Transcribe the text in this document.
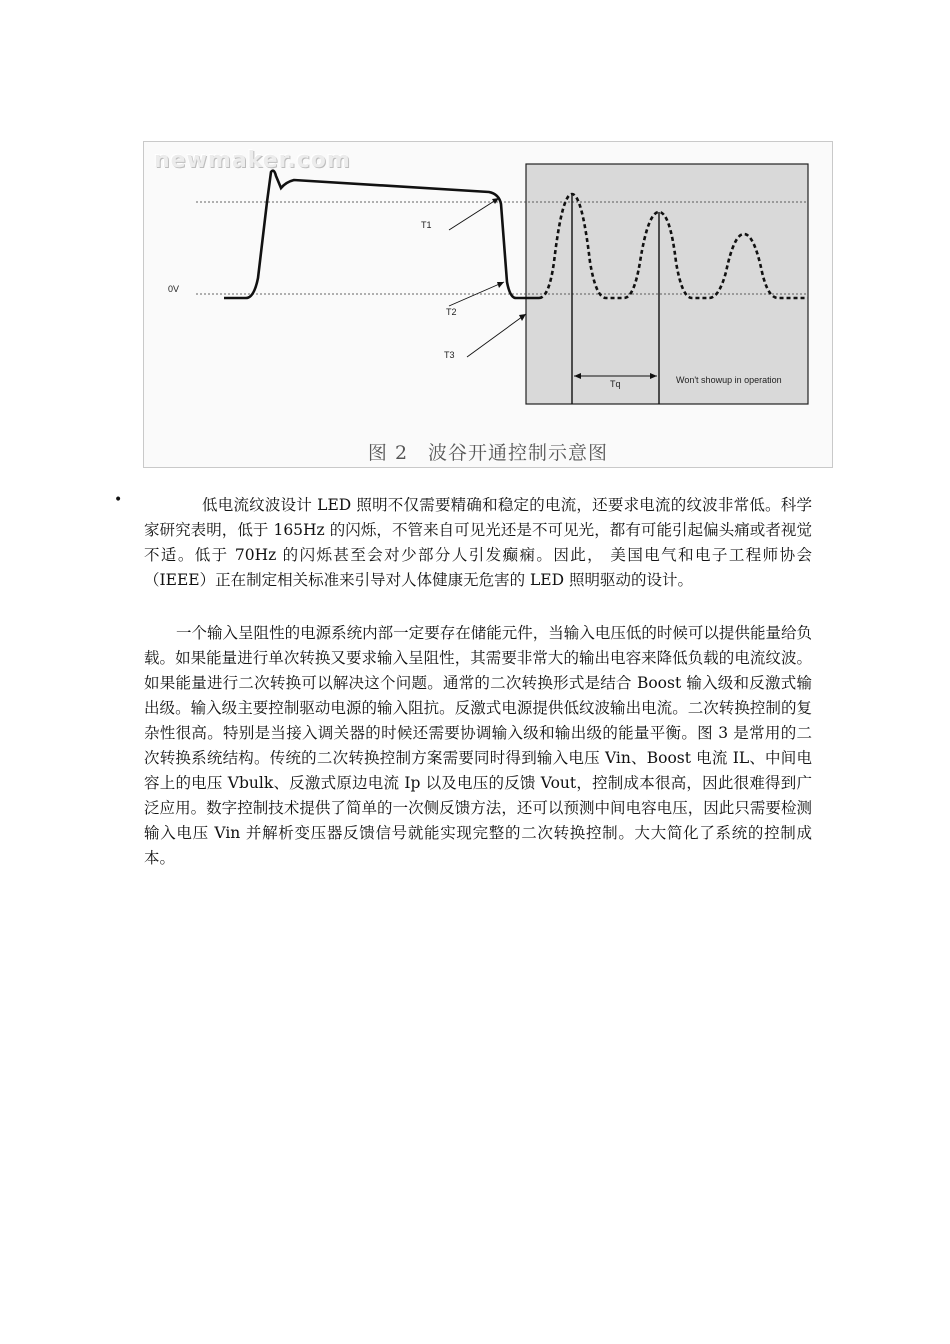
T1
0V
T2
T3
Tq	Won't showup in operation
newmaker.com
图 2　波谷开通控制示意图
•	低电流纹波设计 LED 照明不仅需要精确和稳定的电流，还要求电流的纹波非常低。科学家研究表明，低于 165Hz 的闪烁，不管来自可见光还是不可见光，都有可能引起偏头痛或者视觉不适。低于 70Hz 的闪烁甚至会对少部分人引发癫痫。因此， 美国电气和电子工程师协会（IEEE）正在制定相关标准来引导对人体健康无危害的 LED 照明驱动的设计。

一个输入呈阻性的电源系统内部一定要存在储能元件，当输入电压低的时候可以提供能量给负载。如果能量进行单次转换又要求输入呈阻性，其需要非常大的输出电容来降低负载的电流纹波。如果能量进行二次转换可以解决这个问题。通常的二次转换形式是结合 Boost 输入级和反激式输出级。输入级主要控制驱动电源的输入阻抗。反激式电源提供低纹波输出电流。二次转换控制的复杂性很高。特别是当接入调关器的时候还需要协调输入级和输出级的能量平衡。图 3 是常用的二次转换系统结构。传统的二次转换控制方案需要同时得到输入电压 Vin、Boost 电流 IL、中间电容上的电压 Vbulk、反激式原边电流 Ip 以及电压的反馈 Vout，控制成本很高，因此很难得到广泛应用。数字控制技术提供了简单的一次侧反馈方法，还可以预测中间电容电压，因此只需要检测输入电压 Vin 并解析变压器反馈信号就能实现完整的二次转换控制。大大简化了系统的控制成本。
